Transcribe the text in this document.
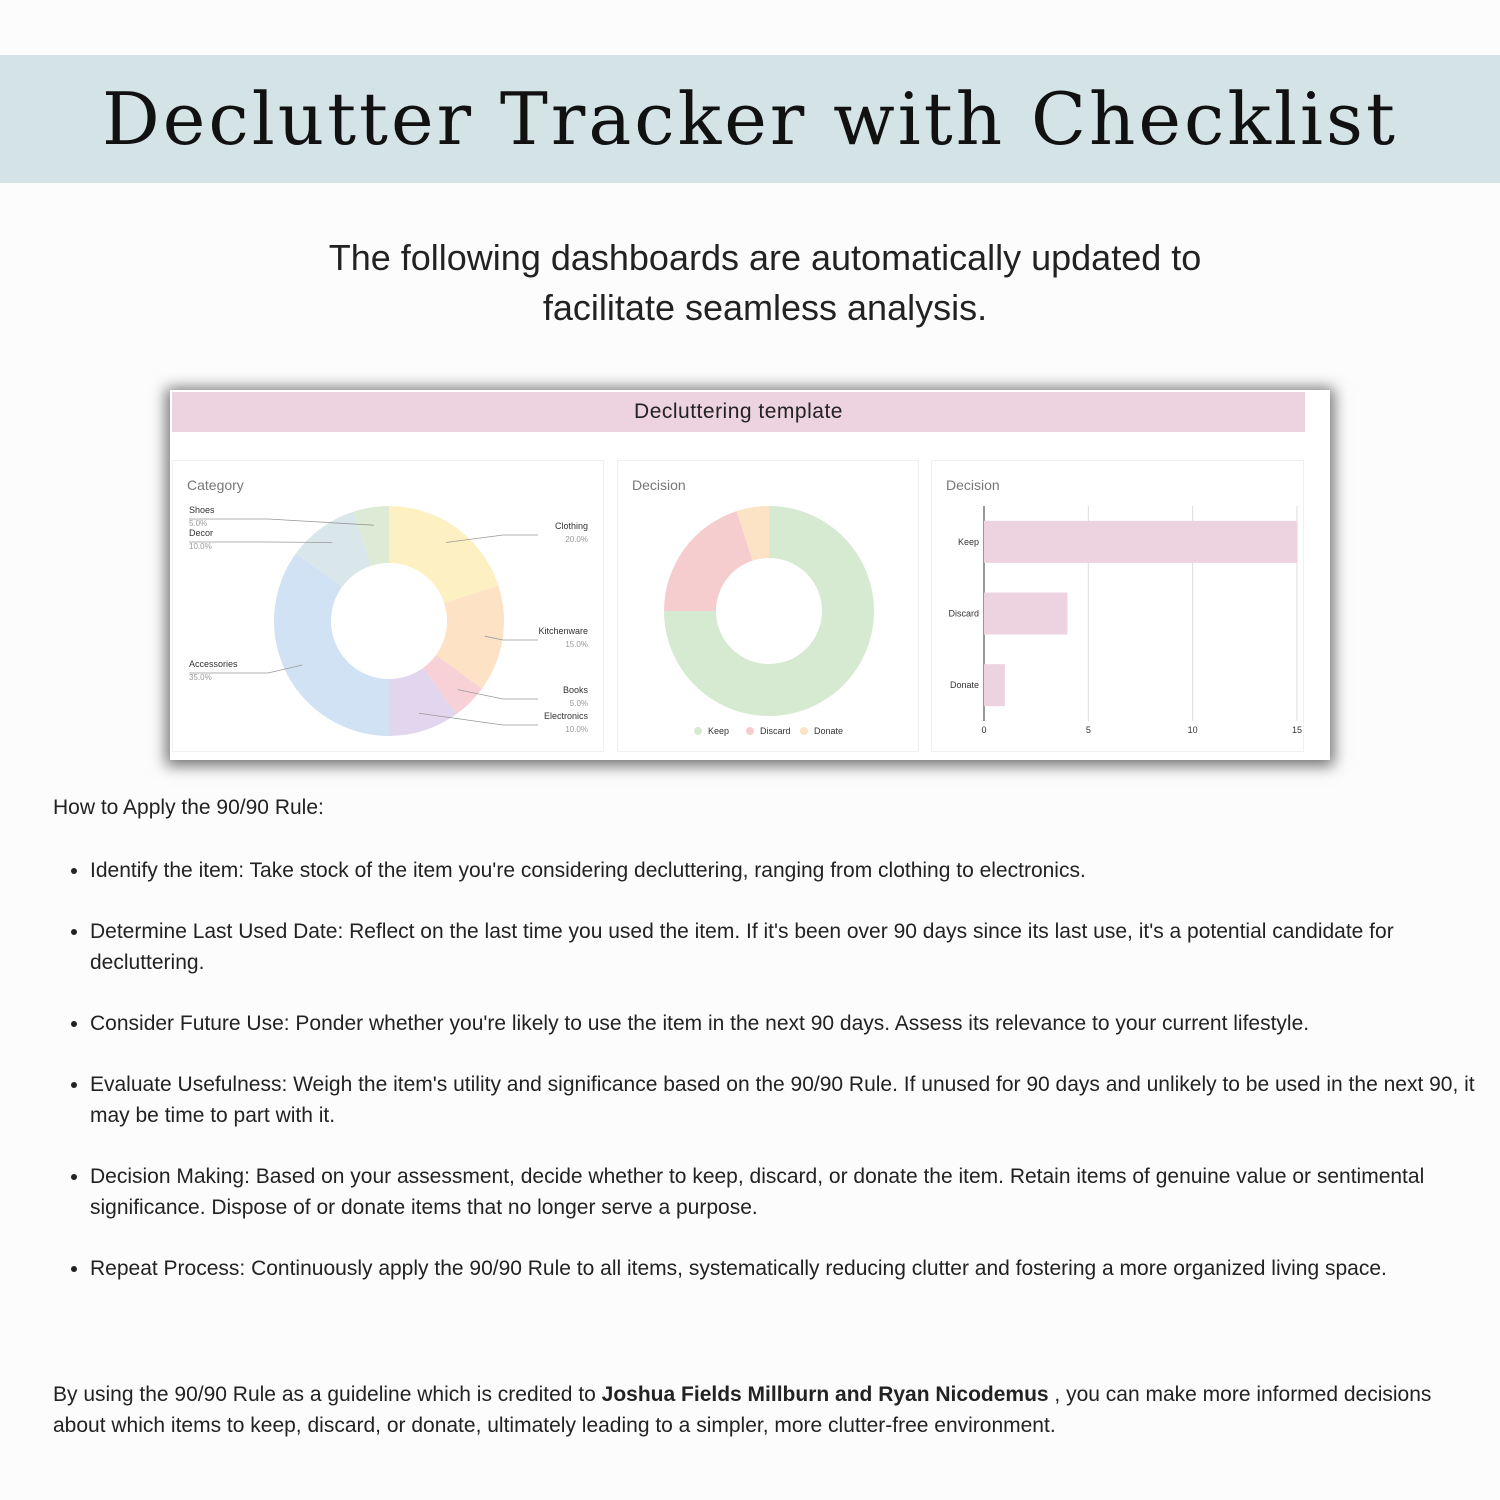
Declutter Tracker with Checklist
The following dashboards are automatically updated to
facilitate seamless analysis.
Decluttering template
Category
Clothing
20.0%
Kitchenware
15.0%
Books
5.0%
Electronics
10.0%
Accessories
35.0%
Decor
10.0%
Shoes
5.0%
Decision
Keep	Discard	Donate
Decision
0	5	10	15
Keep
Discard
Donate
How to Apply the 90/90 Rule:
• Identify the item: Take stock of the item you're considering decluttering, ranging from clothing to electronics.
• Determine Last Used Date: Reflect on the last time you used the item. If it's been over 90 days since its last use, it's a potential candidate for decluttering.
• Consider Future Use: Ponder whether you're likely to use the item in the next 90 days. Assess its relevance to your current lifestyle.
• Evaluate Usefulness: Weigh the item's utility and significance based on the 90/90 Rule. If unused for 90 days and unlikely to be used in the next 90, it may be time to part with it.
• Decision Making: Based on your assessment, decide whether to keep, discard, or donate the item. Retain items of genuine value or sentimental significance. Dispose of or donate items that no longer serve a purpose.
• Repeat Process: Continuously apply the 90/90 Rule to all items, systematically reducing clutter and fostering a more organized living space.

By using the 90/90 Rule as a guideline which is credited to Joshua Fields Millburn and Ryan Nicodemus , you can make more informed decisions about which items to keep, discard, or donate, ultimately leading to a simpler, more clutter-free environment.
